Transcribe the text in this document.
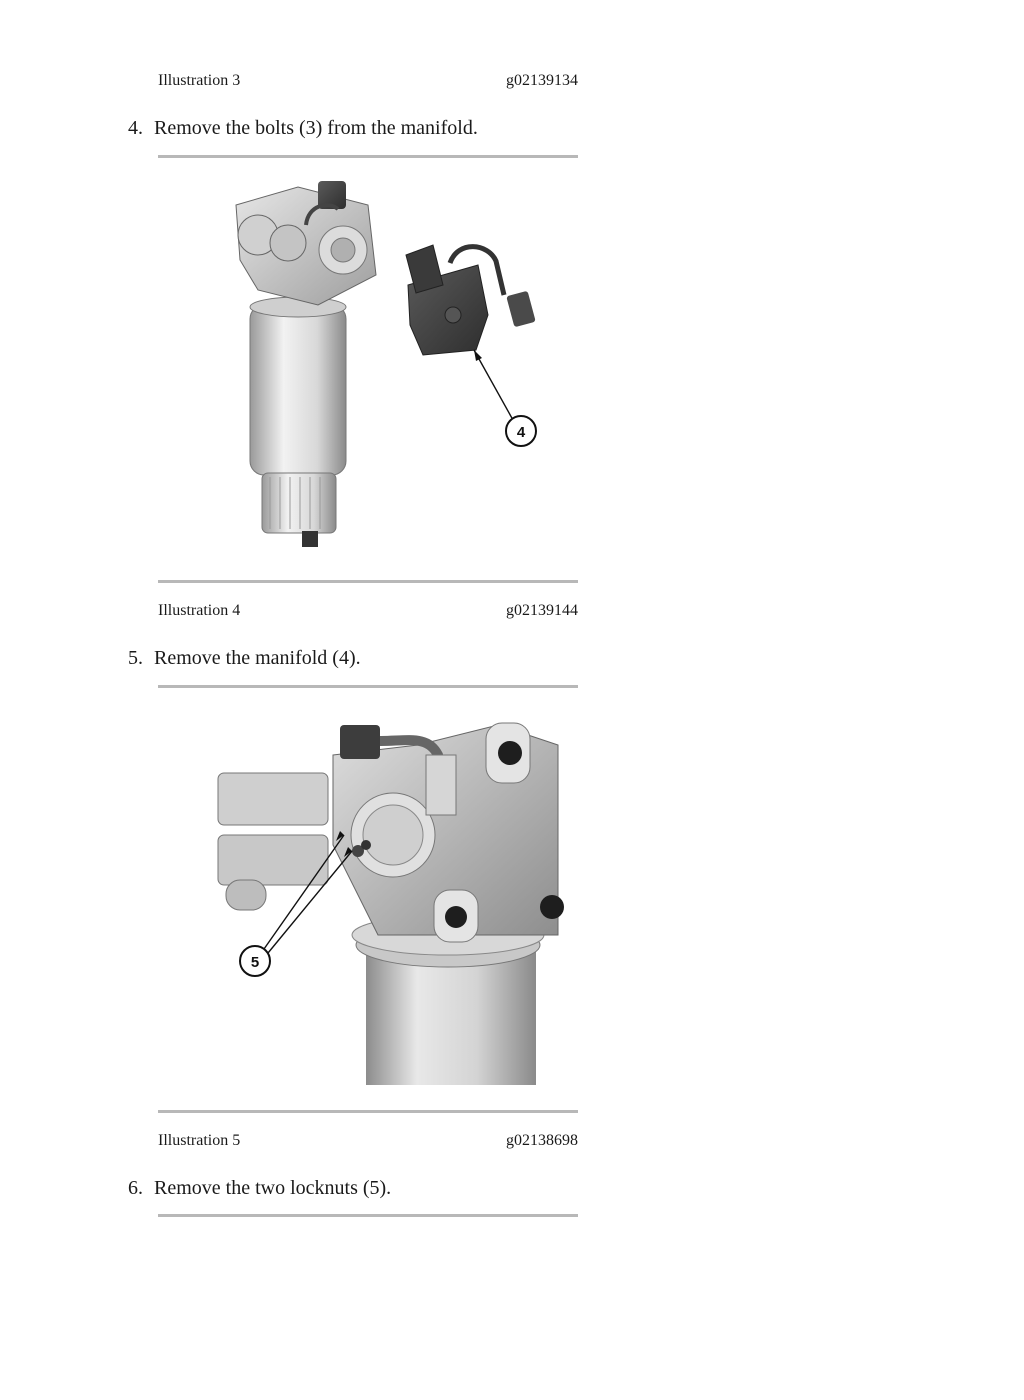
Illustration 3	g02139134
4. Remove the bolts (3) from the manifold.
4
Illustration 4	g02139144
5. Remove the manifold (4).
5
Illustration 5	g02138698
6. Remove the two locknuts (5).
